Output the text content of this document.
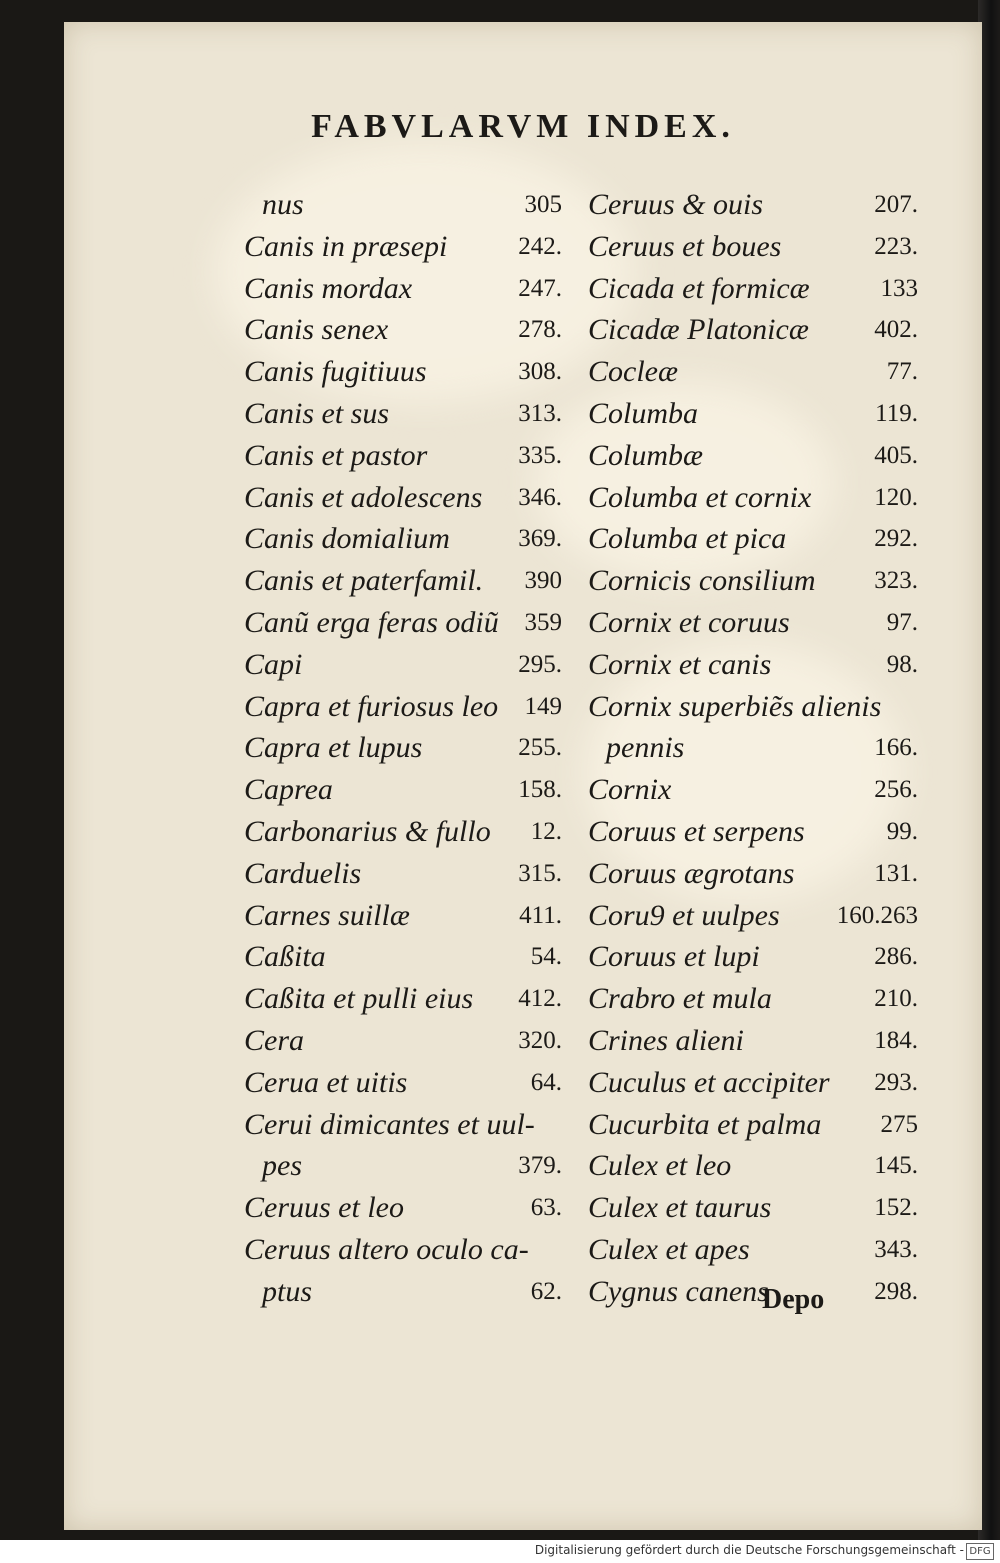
FABVLARVM INDEX.
nus	305
Canis in præsepi	242.
Canis mordax	247.
Canis senex	278.
Canis fugitiuus	308.
Canis et sus	313.
Canis et pastor	335.
Canis et adolescens 346.
Canis domialium	369.
Canis et paterfamil. 390
Canũ erga feras odiũ 359
Capi	295.
Capra et furiosus leo 149
Capra et lupus	255.
Caprea	158.
Carbonarius & fullo 12.
Carduelis	315.
Carnes suillæ	411.
Caßita	54.
Caßita et pulli eius 412.
Cera	320.
Cerua et uitis	64.
Cerui dimicantes et uul-
pes	379.
Ceruus et leo	63.
Ceruus altero oculo ca-
ptus	62.
Ceruus & ouis	207.
Ceruus et boues	223.
Cicada et formicæ	133
Cicadæ Platonicæ	402.
Cocleæ	77.
Columba	119.
Columbæ	405.
Columba et cornix	120.
Columba et pica	292.
Cornicis consilium 323.
Cornix et coruus	97.
Cornix et canis	98.
Cornix superbiẽs alienis
pennis	166.
Cornix	256.
Coruus et serpens	99.
Coruus ægrotans	131.
Coru9 et uulpes 160.263
Coruus et lupi	286.
Crabro et mula	210.
Crines alieni	184.
Cuculus et accipiter 293.
Cucurbita et palma 275
Culex et leo	145.
Culex et taurus	152.
Culex et apes	343.
Cygnus canens	298.
Depo
Digitalisierung gefördert durch die Deutsche Forschungsgemeinschaft - DFG
